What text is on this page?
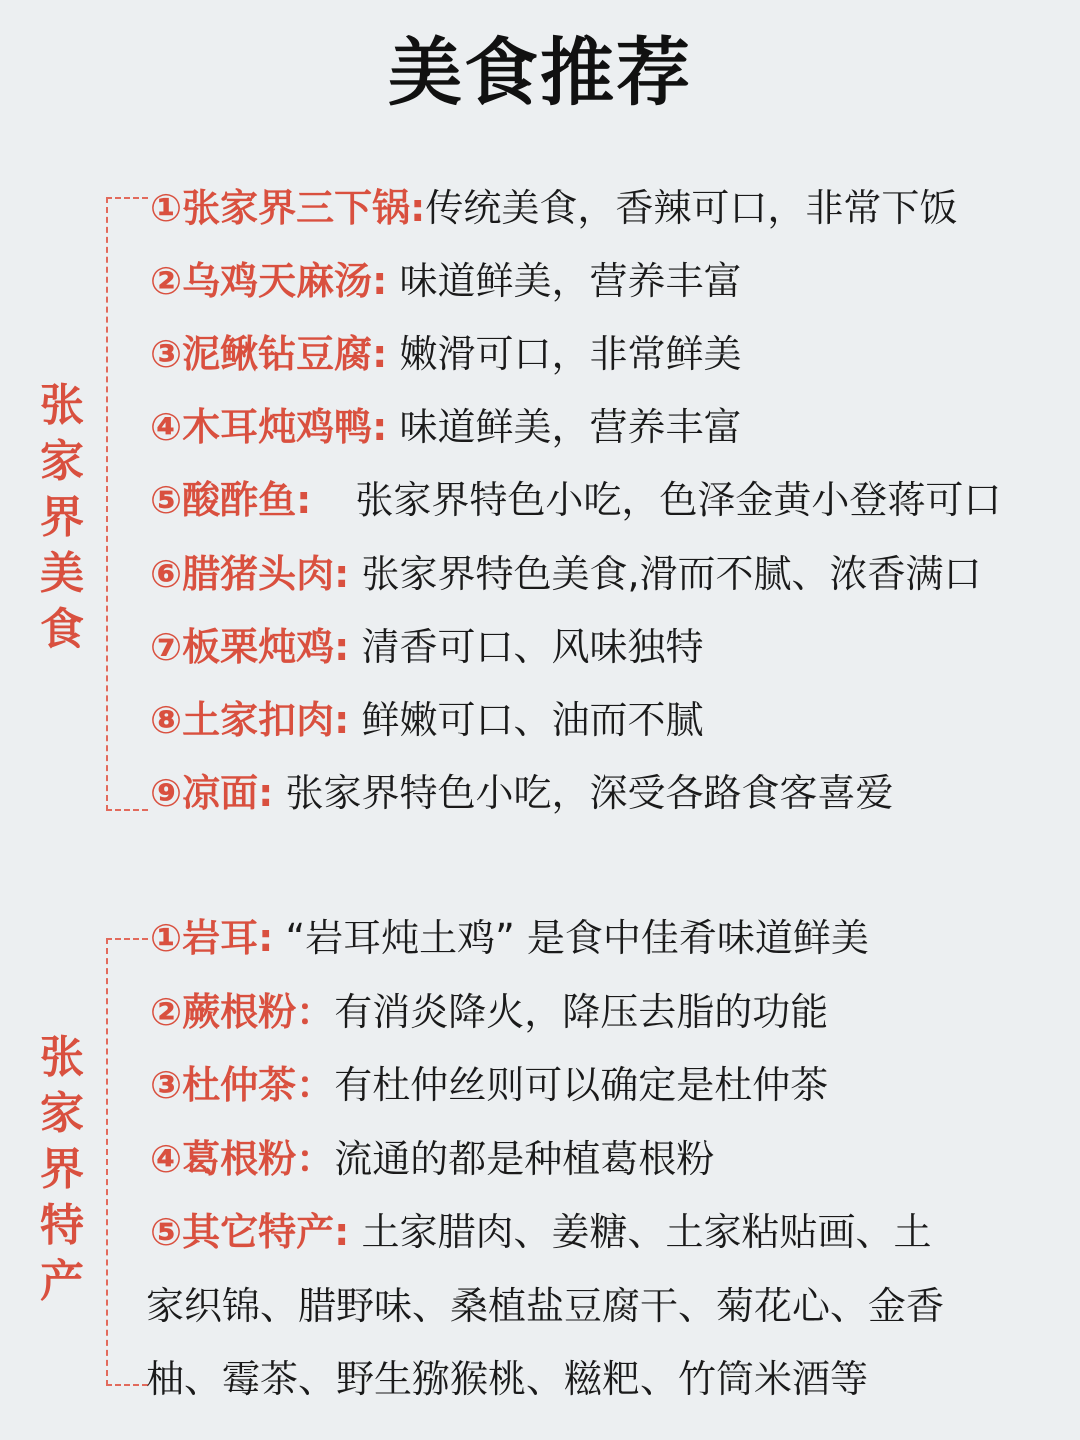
美食推荐
张
家
界
美
食
①张家界三下锅:传统美食，香辣可口，非常下饭
②乌鸡天麻汤: 味道鲜美，营养丰富
③泥鳅钻豆腐: 嫩滑可口，非常鲜美
④木耳炖鸡鸭: 味道鲜美，营养丰富
⑤酸酢鱼: 张家界特色小吃，色泽金黄小登蒋可口
⑥腊猪头肉: 张家界特色美食,滑而不腻、浓香满口
⑦板栗炖鸡: 清香可口、风味独特
⑧土家扣肉: 鲜嫩可口、油而不腻
⑨凉面: 张家界特色小吃，深受各路食客喜爱
张
家
界
特
产
①岩耳: “岩耳炖土鸡” 是食中佳肴味道鲜美
②蕨根粉：有消炎降火，降压去脂的功能
③杜仲茶：有杜仲丝则可以确定是杜仲茶
④葛根粉：流通的都是种植葛根粉
⑤其它特产: 土家腊肉、姜糖、土家粘贴画、土
家织锦、腊野味、桑植盐豆腐干、菊花心、金香
柚、霉茶、野生猕猴桃、糍粑、竹筒米酒等
